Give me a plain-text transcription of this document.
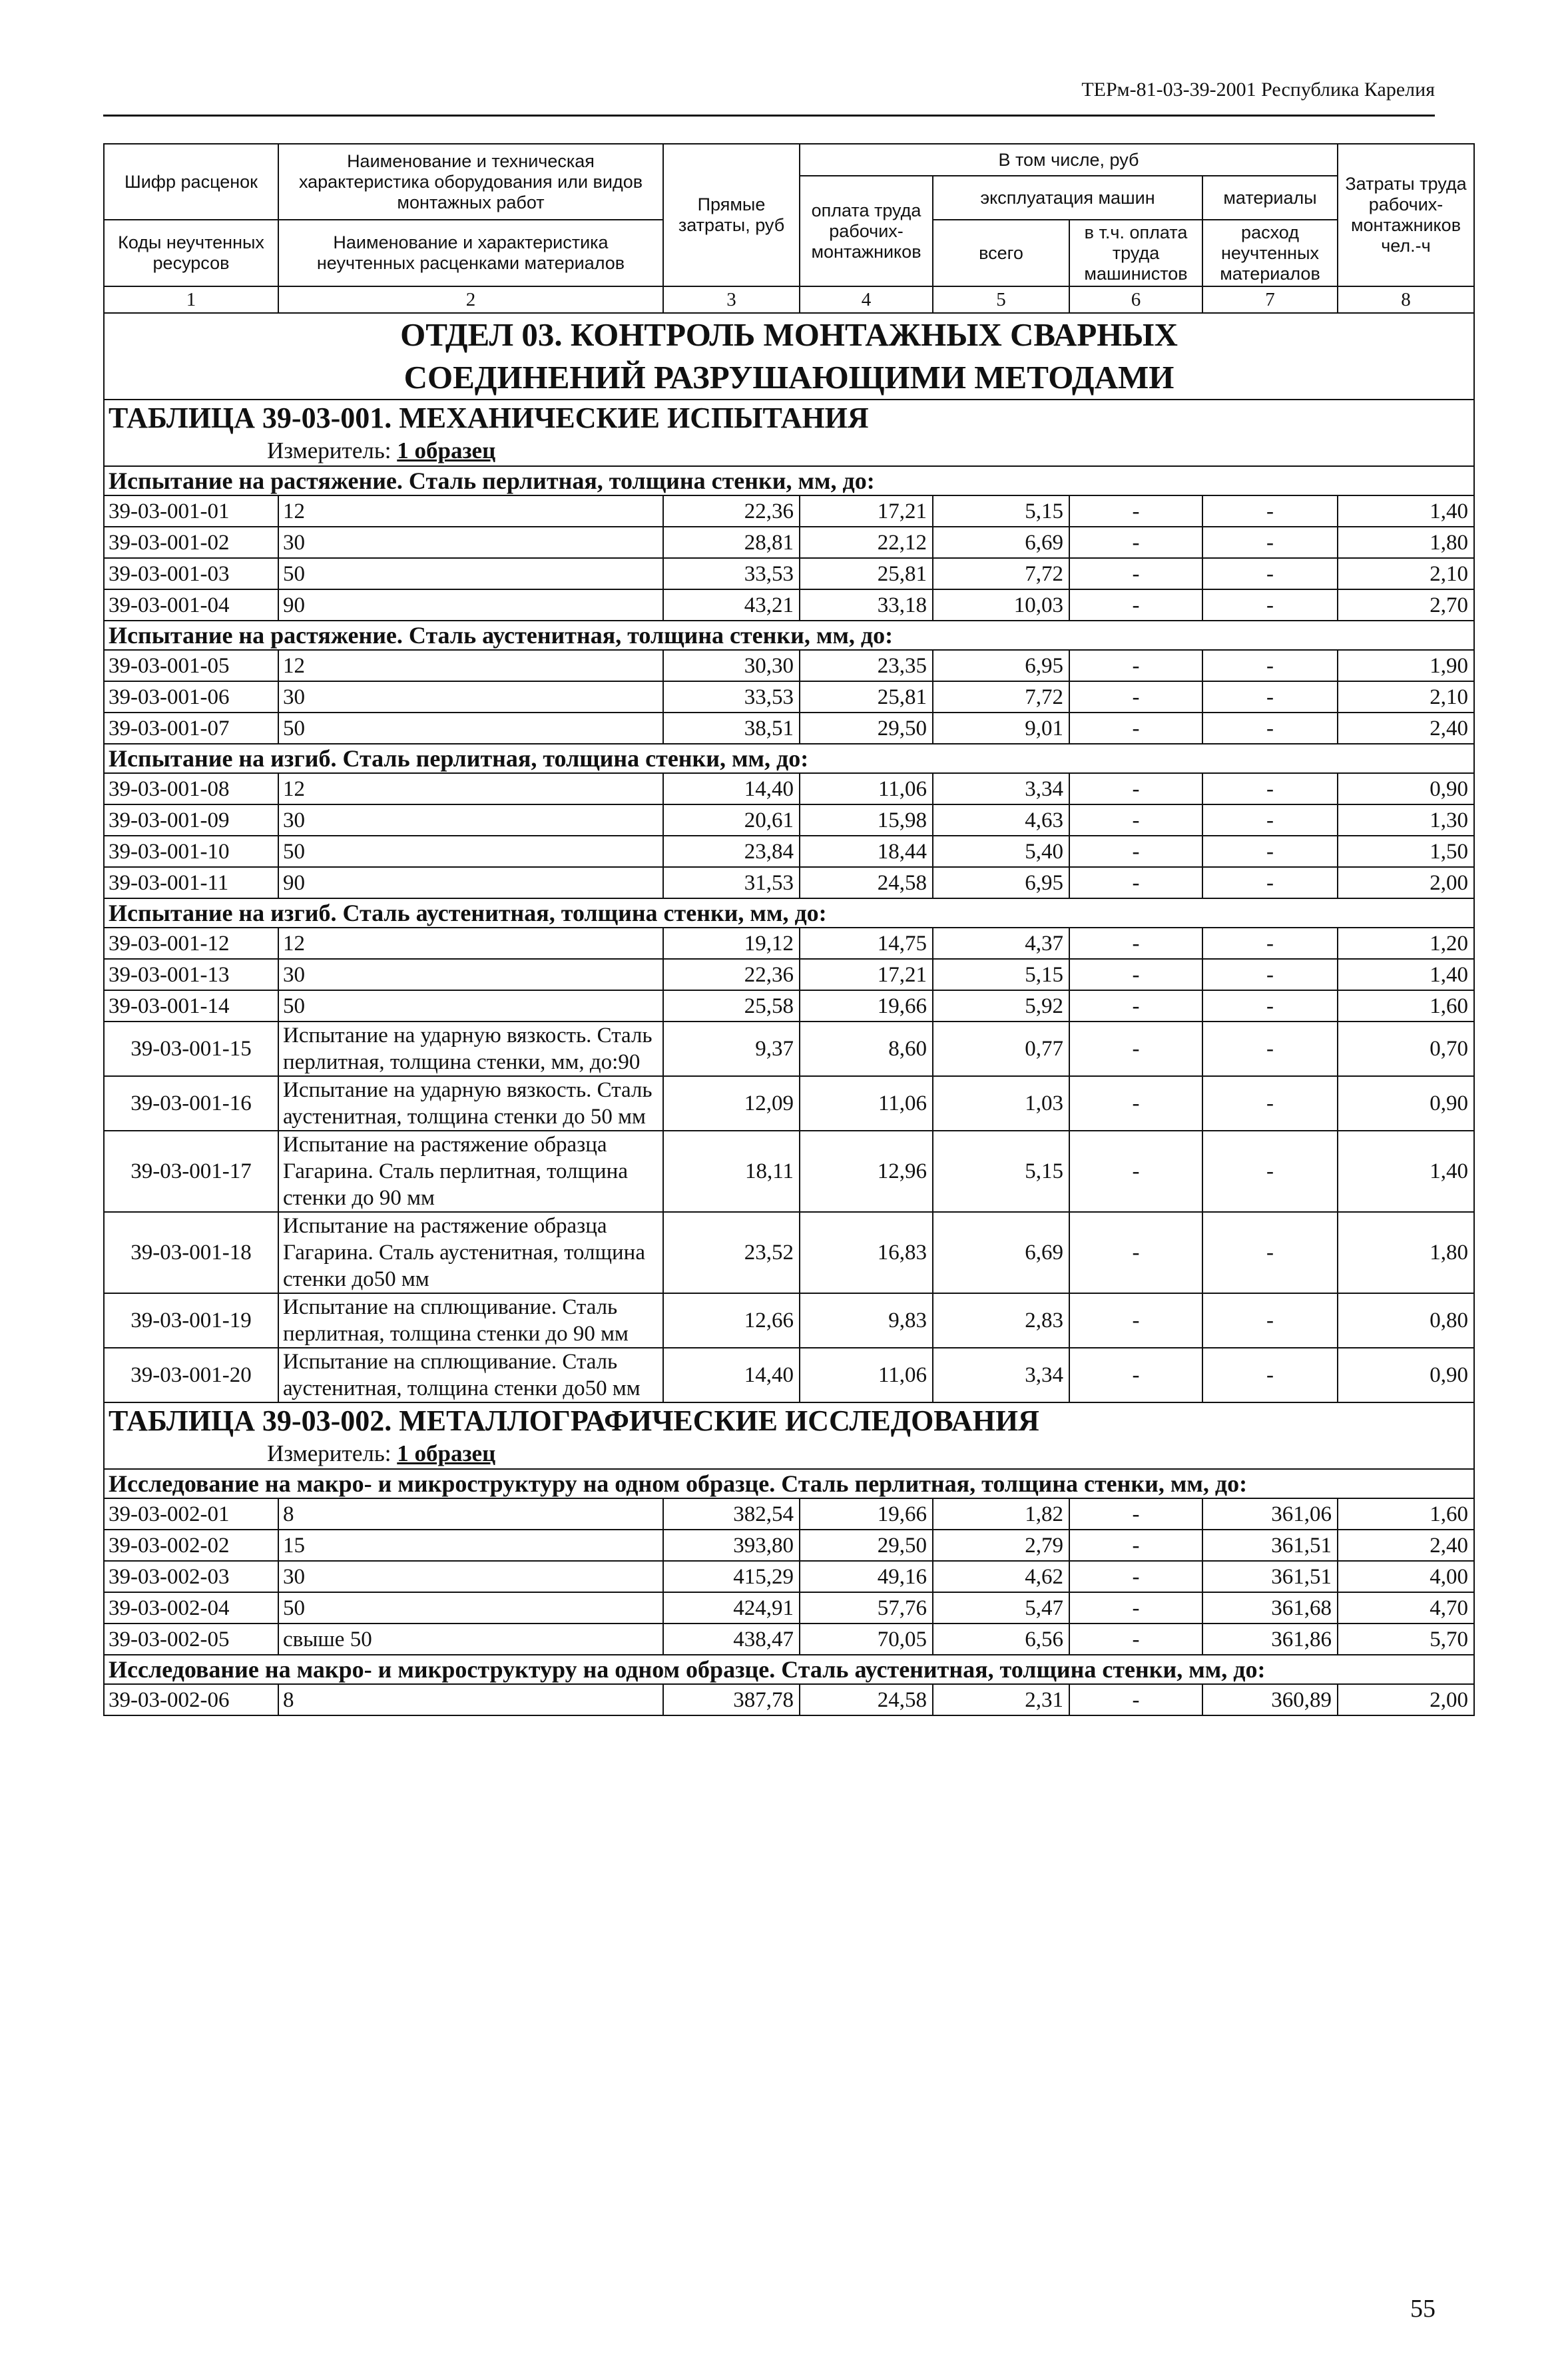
ТЕРм-81-03-39-2001 Республика Карелия
Шифр расценок	Наименование и техническая характеристика оборудования или видов монтажных работ	Прямые затраты, руб	В том числе, руб				Затраты труда рабочих-монтажников чел.-ч
			оплата труда рабочих-монтажников	эксплуатация машин		материалы	
Коды неучтенных ресурсов	Наименование и характеристика неучтенных расценками материалов			всего	в т.ч. оплата труда машинистов	расход неучтенных материалов	

1	2	3	4	5	6	7	8
ОТДЕЛ 03. КОНТРОЛЬ МОНТАЖНЫХ СВАРНЫХ СОЕДИНЕНИЙ РАЗРУШАЮЩИМИ МЕТОДАМИ							
ТАБЛИЦА 39-03-001. МЕХАНИЧЕСКИЕ ИСПЫТАНИЯ
Измеритель: 1 образец							

Испытание на растяжение. Сталь перлитная, толщина стенки, мм, до:							
39-03-001-01	12	22,36	17,21	5,15	-	-	1,40
39-03-001-02	30	28,81	22,12	6,69	-	-	1,80
39-03-001-03	50	33,53	25,81	7,72	-	-	2,10
39-03-001-04	90	43,21	33,18	10,03	-	-	2,70
Испытание на растяжение. Сталь аустенитная, толщина стенки, мм, до:							
39-03-001-05	12	30,30	23,35	6,95	-	-	1,90
39-03-001-06	30	33,53	25,81	7,72	-	-	2,10
39-03-001-07	50	38,51	29,50	9,01	-	-	2,40
Испытание на изгиб. Сталь перлитная, толщина стенки, мм, до:							
39-03-001-08	12	14,40	11,06	3,34	-	-	0,90
39-03-001-09	30	20,61	15,98	4,63	-	-	1,30
39-03-001-10	50	23,84	18,44	5,40	-	-	1,50
39-03-001-11	90	31,53	24,58	6,95	-	-	2,00
Испытание на изгиб. Сталь аустенитная, толщина стенки, мм, до:							
39-03-001-12	12	19,12	14,75	4,37	-	-	1,20
39-03-001-13	30	22,36	17,21	5,15	-	-	1,40
39-03-001-14	50	25,58	19,66	5,92	-	-	1,60
39-03-001-15	Испытание на ударную вязкость. Сталь перлитная, толщина стенки, мм, до:90	9,37	8,60	0,77	-	-	0,70
39-03-001-16	Испытание на ударную вязкость. Сталь аустенитная, толщина стенки до 50 мм	12,09	11,06	1,03	-	-	0,90
39-03-001-17	Испытание на растяжение образца Гагарина. Сталь перлитная, толщина стенки до 90 мм	18,11	12,96	5,15	-	-	1,40
39-03-001-18	Испытание на растяжение образца Гагарина. Сталь аустенитная, толщина стенки до50 мм	23,52	16,83	6,69	-	-	1,80
39-03-001-19	Испытание на сплющивание. Сталь перлитная, толщина стенки до 90 мм	12,66	9,83	2,83	-	-	0,80
39-03-001-20	Испытание на сплющивание. Сталь аустенитная, толщина стенки до50 мм	14,40	11,06	3,34	-	-	0,90
ТАБЛИЦА 39-03-002. МЕТАЛЛОГРАФИЧЕСКИЕ ИССЛЕДОВАНИЯ
Измеритель: 1 образец							

Исследование на макро- и микроструктуру на одном образце. Сталь перлитная, толщина стенки, мм, до:							
39-03-002-01	8	382,54	19,66	1,82	-	361,06	1,60
39-03-002-02	15	393,80	29,50	2,79	-	361,51	2,40
39-03-002-03	30	415,29	49,16	4,62	-	361,51	4,00
39-03-002-04	50	424,91	57,76	5,47	-	361,68	4,70
39-03-002-05	свыше 50	438,47	70,05	6,56	-	361,86	5,70
Исследование на макро- и микроструктуру на одном образце. Сталь аустенитная, толщина стенки, мм, до:							
39-03-002-06	8	387,78	24,58	2,31	-	360,89	2,00
55
